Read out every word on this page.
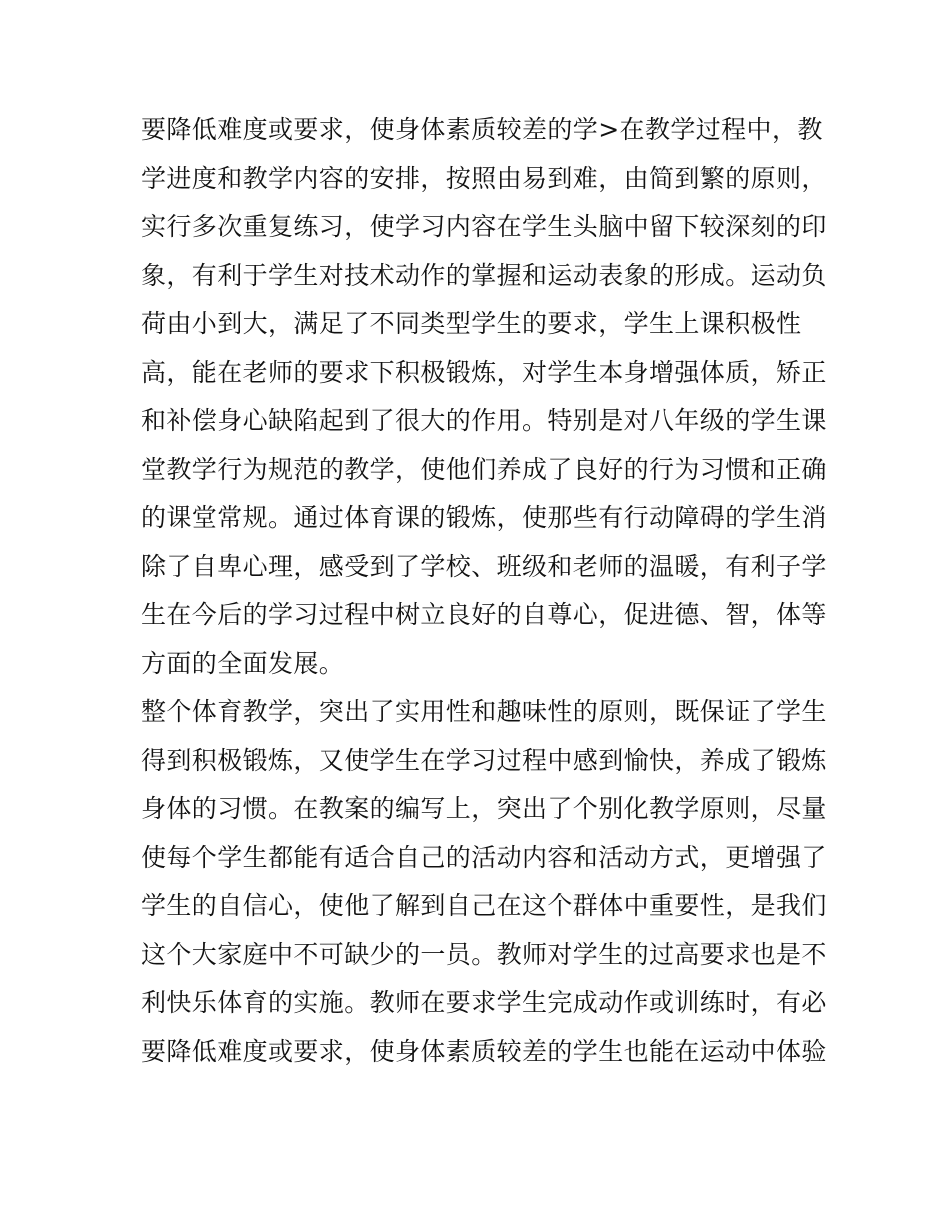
要降低难度或要求，使身体素质较差的学>在教学过程中，教
学进度和教学内容的安排，按照由易到难，由简到繁的原则，
实行多次重复练习，使学习内容在学生头脑中留下较深刻的印
象，有利于学生对技术动作的掌握和运动表象的形成。运动负
荷由小到大，满足了不同类型学生的要求，学生上课积极性
高，能在老师的要求下积极锻炼，对学生本身增强体质，矫正
和补偿身心缺陷起到了很大的作用。特别是对八年级的学生课
堂教学行为规范的教学，使他们养成了良好的行为习惯和正确
的课堂常规。通过体育课的锻炼，使那些有行动障碍的学生消
除了自卑心理，感受到了学校、班级和老师的温暖，有利子学
生在今后的学习过程中树立良好的自尊心，促进德、智，体等
方面的全面发展。
整个体育教学，突出了实用性和趣味性的原则，既保证了学生
得到积极锻炼，又使学生在学习过程中感到愉快，养成了锻炼
身体的习惯。在教案的编写上，突出了个别化教学原则，尽量
使每个学生都能有适合自己的活动内容和活动方式，更增强了
学生的自信心，使他了解到自己在这个群体中重要性，是我们
这个大家庭中不可缺少的一员。教师对学生的过高要求也是不
利快乐体育的实施。教师在要求学生完成动作或训练时，有必
要降低难度或要求，使身体素质较差的学生也能在运动中体验
